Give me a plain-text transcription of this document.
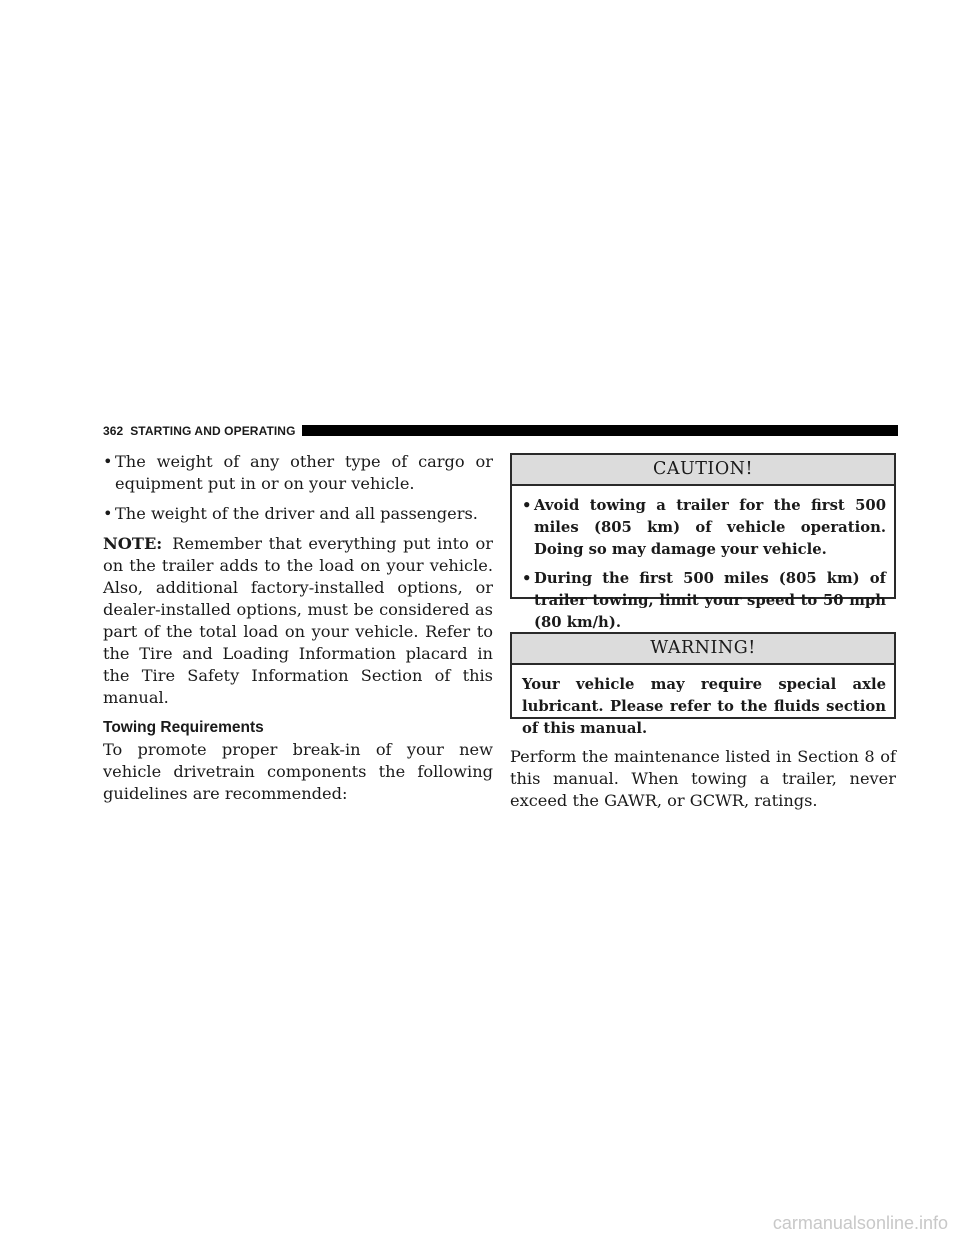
362 STARTING AND OPERATING
• The weight of any other type of cargo or equipment put in or on your vehicle.
• The weight of the driver and all passengers.

NOTE: Remember that everything put into or on the trailer adds to the load on your vehicle. Also, additional factory-installed options, or dealer-installed options, must be considered as part of the total load on your vehicle. Refer to the Tire and Loading Information placard in the Tire Safety Information Section of this manual.

Towing Requirements

To promote proper break-in of your new vehicle drivetrain components the following guidelines are recommended:

CAUTION!
• Avoid towing a trailer for the first 500 miles (805 km) of vehicle operation. Doing so may damage your vehicle.
• During the first 500 miles (805 km) of trailer towing, limit your speed to 50 mph (80 km/h).
WARNING!
Your vehicle may require special axle lubricant. Please refer to the fluids section of this manual.
Perform the maintenance listed in Section 8 of this manual. When towing a trailer, never exceed the GAWR, or GCWR, ratings.
carmanualsonline.info
